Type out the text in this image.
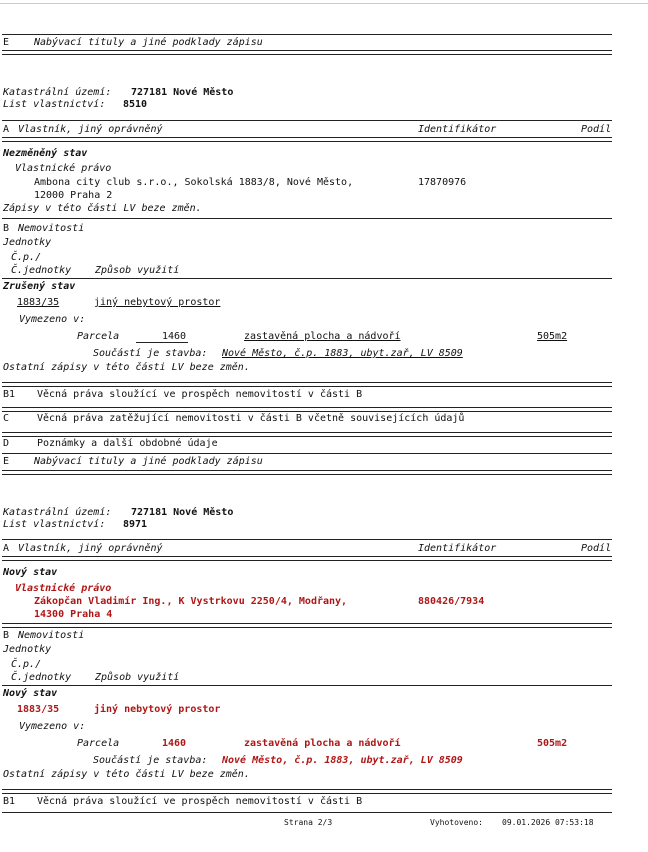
E Nabývací tituly a jiné podklady zápisu
Katastrální území: 727181 Nové Město
List vlastnictví: 8510
A Vlastník, jiný oprávněný	Identifikátor	Podíl
Nezměněný stav
Vlastnické právo
Ambona city club s.r.o., Sokolská 1883/8, Nové Město,	17870976
12000 Praha 2
Zápisy v této části LV beze změn.
B Nemovitosti
Jednotky
Č.p./
Č.jednotky Způsob využití
Zrušený stav
1883/35	jiný nebytový prostor
Vymezeno v:
Parcela	1460	zastavěná plocha a nádvoří	505m2
Součástí je stavba: Nové Město, č.p. 1883, ubyt.zař, LV 8509
Ostatní zápisy v této části LV beze změn.
B1 Věcná práva sloužící ve prospěch nemovitostí v části B
C	Věcná práva zatěžující nemovitosti v části B včetně souvisejících údajů
D	Poznámky a další obdobné údaje
E Nabývací tituly a jiné podklady zápisu
Katastrální území: 727181 Nové Město
List vlastnictví: 8971
A Vlastník, jiný oprávněný	Identifikátor	Podíl
Nový stav
Vlastnické právo
Zákopčan Vladimír Ing., K Vystrkovu 2250/4, Modřany,	880426/7934
14300 Praha 4
B Nemovitosti
Jednotky
Č.p./
Č.jednotky Způsob využití
Nový stav
1883/35	jiný nebytový prostor
Vymezeno v:
Parcela	1460	zastavěná plocha a nádvoří	505m2
Součástí je stavba: Nové Město, č.p. 1883, ubyt.zař, LV 8509
Ostatní zápisy v této části LV beze změn.
B1 Věcná práva sloužící ve prospěch nemovitostí v části B
Strana 2/3	Vyhotoveno: 09.01.2026 07:53:18
